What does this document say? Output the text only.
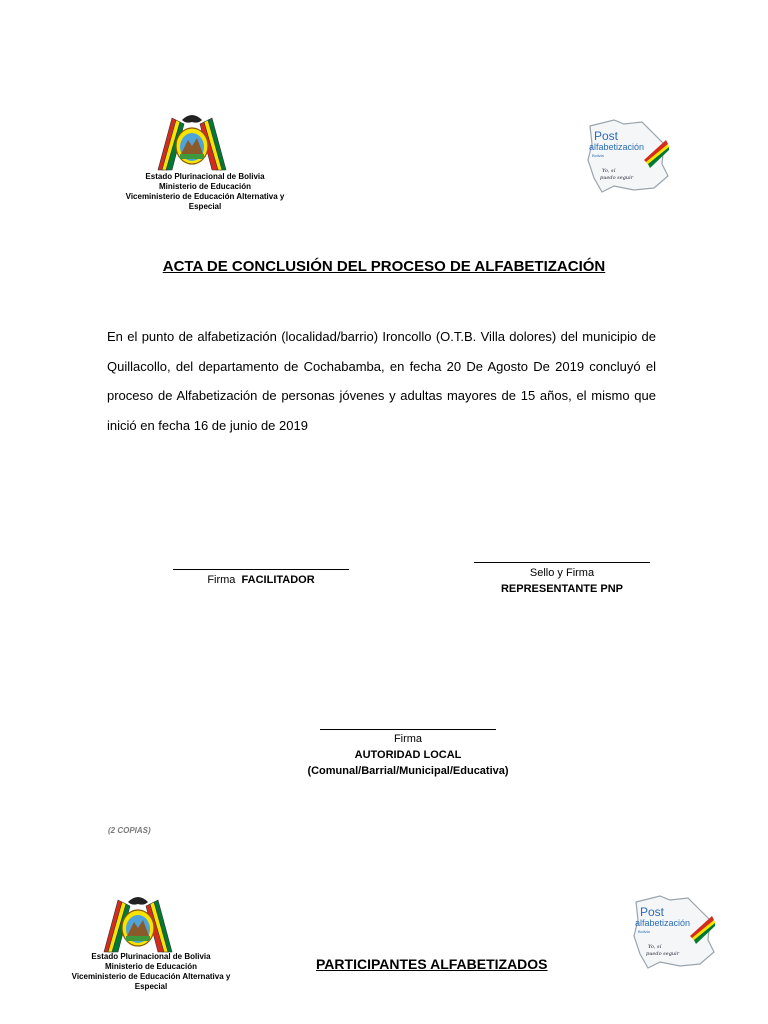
Estado Plurinacional de Bolivia
Ministerio de Educación
Viceministerio de Educación Alternativa y
Especial
Post
alfabetización
Bolivia
Yo, sí
puedo seguir
ACTA DE CONCLUSIÓN DEL PROCESO DE ALFABETIZACIÓN
En el punto de alfabetización (localidad/barrio) Ironcollo (O.T.B. Villa dolores) del municipio de Quillacollo, del departamento de Cochabamba, en fecha 20 De Agosto De 2019 concluyó el proceso de Alfabetización de personas jóvenes y adultas mayores de 15 años, el mismo que inició en fecha 16 de junio de 2019
Firma FACILITADOR
Sello y Firma
REPRESENTANTE PNP
Firma
AUTORIDAD LOCAL
(Comunal/Barrial/Municipal/Educativa)
(2 COPIAS)
Estado Plurinacional de Bolivia
Ministerio de Educación
Viceministerio de Educación Alternativa y
Especial
Post
alfabetización
Bolivia
Yo, sí
puedo seguir
PARTICIPANTES ALFABETIZADOS
